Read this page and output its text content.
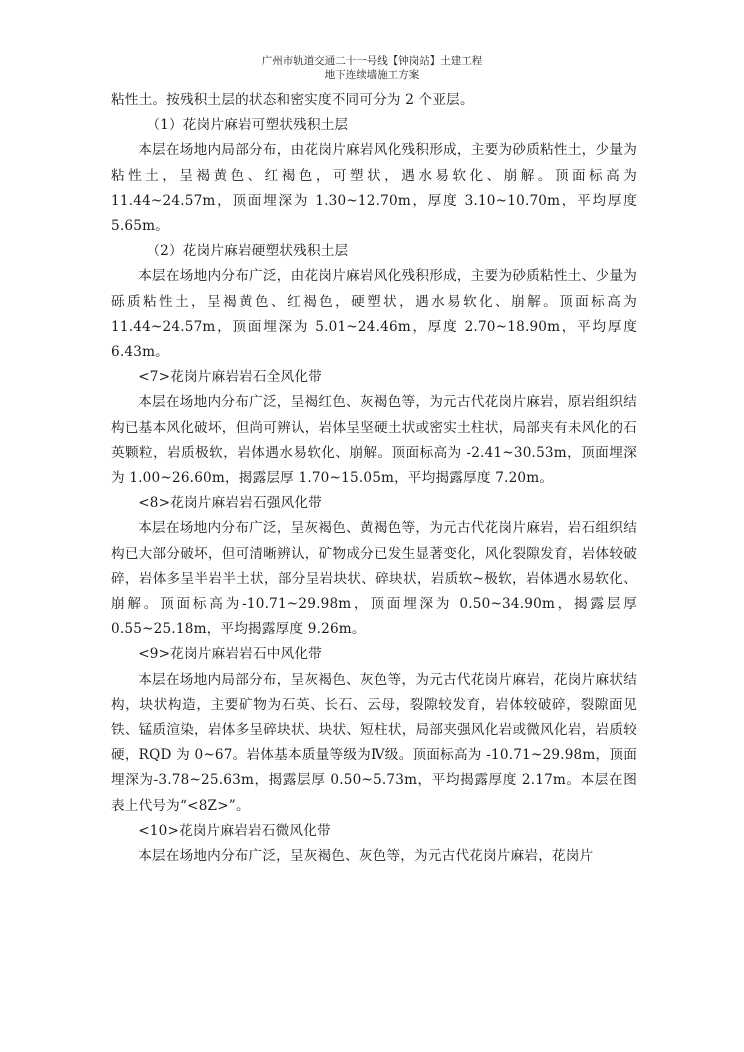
广州市轨道交通二十一号线【钟岗站】土建工程
地下连续墙施工方案

粘性土。按残积土层的状态和密实度不同可分为 2 个亚层。

（1）花岗片麻岩可塑状残积土层

本层在场地内局部分布，由花岗片麻岩风化残积形成，主要为砂质粘性土，少量为粘性土，呈褐黄色、红褐色，可塑状，遇水易软化、崩解。顶面标高为 11.44~24.57m，顶面埋深为 1.30~12.70m，厚度 3.10~10.70m，平均厚度 5.65m。

（2）花岗片麻岩硬塑状残积土层

本层在场地内分布广泛，由花岗片麻岩风化残积形成，主要为砂质粘性土、少量为砾质粘性土，呈褐黄色、红褐色，硬塑状，遇水易软化、崩解。顶面标高为 11.44~24.57m，顶面埋深为 5.01~24.46m，厚度 2.70~18.90m，平均厚度 6.43m。

<7>花岗片麻岩岩石全风化带

本层在场地内分布广泛，呈褐红色、灰褐色等，为元古代花岗片麻岩，原岩组织结构已基本风化破坏，但尚可辨认，岩体呈坚硬土状或密实土柱状，局部夹有未风化的石英颗粒，岩质极软，岩体遇水易软化、崩解。顶面标高为 -2.41~30.53m，顶面埋深为 1.00~26.60m，揭露层厚 1.70~15.05m，平均揭露厚度 7.20m。

<8>花岗片麻岩岩石强风化带

本层在场地内分布广泛，呈灰褐色、黄褐色等，为元古代花岗片麻岩，岩石组织结构已大部分破坏，但可清晰辨认，矿物成分已发生显著变化，风化裂隙发育，岩体较破碎，岩体多呈半岩半土状，部分呈岩块状、碎块状，岩质软~极软，岩体遇水易软化、崩解。顶面标高为-10.71~29.98m，顶面埋深为 0.50~34.90m，揭露层厚 0.55~25.18m，平均揭露厚度 9.26m。

<9>花岗片麻岩岩石中风化带

本层在场地内局部分布，呈灰褐色、灰色等，为元古代花岗片麻岩，花岗片麻状结构，块状构造，主要矿物为石英、长石、云母，裂隙较发育，岩体较破碎，裂隙面见铁、锰质渲染，岩体多呈碎块状、块状、短柱状，局部夹强风化岩或微风化岩，岩质较硬，RQD 为 0~67。岩体基本质量等级为Ⅳ级。顶面标高为 -10.71~29.98m，顶面埋深为-3.78~25.63m，揭露层厚 0.50~5.73m，平均揭露厚度 2.17m。本层在图表上代号为“<8Z>”。

<10>花岗片麻岩岩石微风化带

本层在场地内分布广泛，呈灰褐色、灰色等，为元古代花岗片麻岩，花岗片
